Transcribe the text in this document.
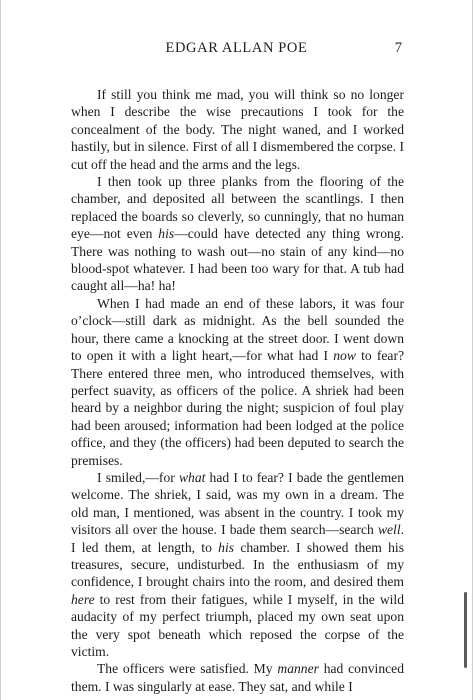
EDGAR ALLAN POE	7

If still you think me mad, you will think so no longer when I describe the wise precautions I took for the concealment of the body. The night waned, and I worked hastily, but in silence. First of all I dismembered the corpse. I cut off the head and the arms and the legs.

I then took up three planks from the flooring of the chamber, and deposited all between the scantlings. I then replaced the boards so cleverly, so cunningly, that no human eye—not even his—could have detected any thing wrong. There was nothing to wash out—no stain of any kind—no blood-spot whatever. I had been too wary for that. A tub had caught all—ha! ha!

When I had made an end of these labors, it was four o’clock—still dark as midnight. As the bell sounded the hour, there came a knocking at the street door. I went down to open it with a light heart,—for what had I now to fear? There entered three men, who introduced themselves, with perfect suavity, as officers of the police. A shriek had been heard by a neighbor during the night; suspicion of foul play had been aroused; information had been lodged at the police office, and they (the officers) had been deputed to search the premises.

I smiled,—for what had I to fear? I bade the gentlemen welcome. The shriek, I said, was my own in a dream. The old man, I mentioned, was absent in the country. I took my visitors all over the house. I bade them search—search well. I led them, at length, to his chamber. I showed them his treasures, secure, undisturbed. In the enthusiasm of my confidence, I brought chairs into the room, and desired them here to rest from their fatigues, while I myself, in the wild audacity of my perfect triumph, placed my own seat upon the very spot beneath which reposed the corpse of the victim.

The officers were satisfied. My manner had convinced them. I was singularly at ease. They sat, and while I
